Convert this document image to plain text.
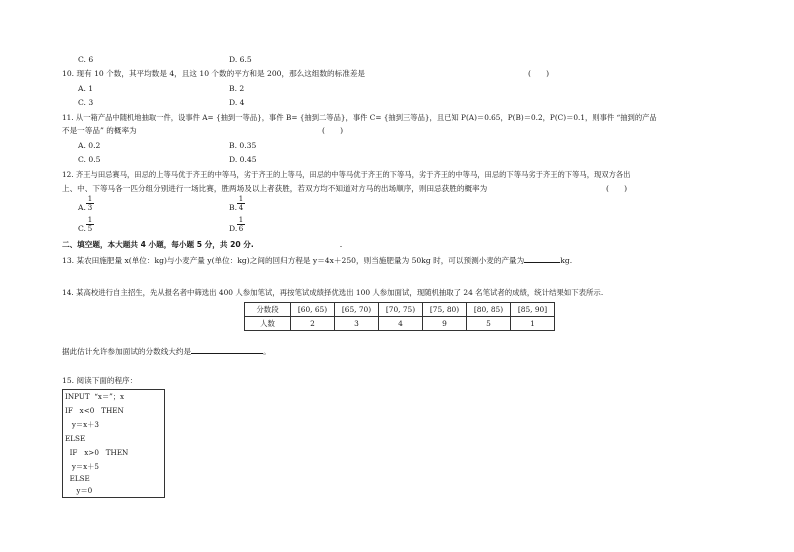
C. 6	D. 6.5
10. 现有 10 个数，其平均数是 4，且这 10 个数的平方和是 200，那么这组数的标准差是	(　　)
A. 1	B. 2
C. 3	D. 4
11. 从一箱产品中随机地抽取一件，设事件 A= {抽到一等品}，事件 B= {抽到二等品}，事件 C= {抽到三等品}，且已知 P(A)＝0.65，P(B)＝0.2，P(C)＝0.1，则事件 “抽到的产品
不是一等品” 的概率为	(　　)
A. 0.2	B. 0.35
C. 0.5	D. 0.45
12. 齐王与田忌赛马，田忌的上等马优于齐王的中等马，劣于齐王的上等马，田忌的中等马优于齐王的下等马，劣于齐王的中等马，田忌的下等马劣于齐王的下等马，现双方各出
上、中、下等马各一匹分组分别进行一场比赛，胜两场及以上者获胜，若双方均不知道对方马的出场顺序，则田忌获胜的概率为	(　　)
A.
1
3	B.
1
4
C.
1
5	D.
1
6
二、填空题，本大题共 4 小题，每小题 5 分，共 20 分.
13. 某农田施肥量 x(单位：kg)与小麦产量 y(单位：kg)之间的回归方程是 y＝4x＋250，则当施肥量为 50kg 时，可以预测小麦的产量为	kg.
14. 某高校进行自主招生，先从报名者中筛选出 400 人参加笔试，再按笔试成绩择优选出 100 人参加面试，现随机抽取了 24 名笔试者的成绩，统计结果如下表所示.
分数段	[60, 65)	[65, 70)	[70, 75)	[75, 80)	[80, 85)	[85, 90]
人数	2	3	4	9	5	1
据此估计允许参加面试的分数线大约是	。
15. 阅读下面的程序：
INPUT  “x＝”；x
IF   x<0   THEN
y＝x＋3
ELSE
IF   x>0   THEN
y＝x＋5
ELSE
y＝0
